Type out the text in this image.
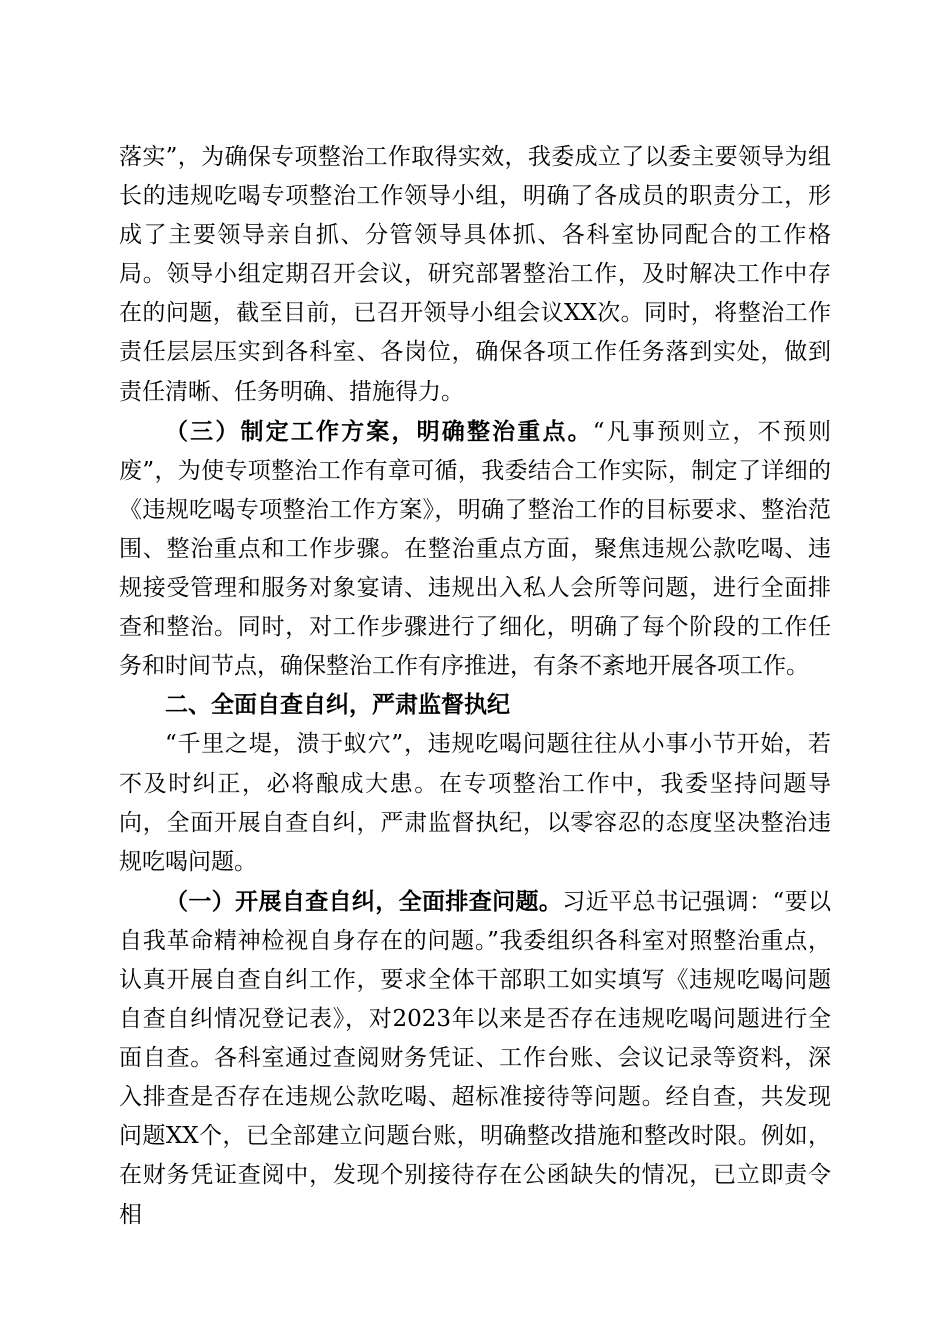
落实”，为确保专项整治工作取得实效，我委成立了以委主要领导为组长的违规吃喝专项整治工作领导小组，明确了各成员的职责分工，形成了主要领导亲自抓、分管领导具体抓、各科室协同配合的工作格局。领导小组定期召开会议，研究部署整治工作，及时解决工作中存在的问题，截至目前，已召开领导小组会议XX次。同时，将整治工作责任层层压实到各科室、各岗位，确保各项工作任务落到实处，做到责任清晰、任务明确、措施得力。

（三）制定工作方案，明确整治重点。“凡事预则立，不预则废”，为使专项整治工作有章可循，我委结合工作实际，制定了详细的《违规吃喝专项整治工作方案》，明确了整治工作的目标要求、整治范围、整治重点和工作步骤。在整治重点方面，聚焦违规公款吃喝、违规接受管理和服务对象宴请、违规出入私人会所等问题，进行全面排查和整治。同时，对工作步骤进行了细化，明确了每个阶段的工作任务和时间节点，确保整治工作有序推进，有条不紊地开展各项工作。

二、全面自查自纠，严肃监督执纪

“千里之堤，溃于蚁穴”，违规吃喝问题往往从小事小节开始，若不及时纠正，必将酿成大患。在专项整治工作中，我委坚持问题导向，全面开展自查自纠，严肃监督执纪，以零容忍的态度坚决整治违规吃喝问题。

（一）开展自查自纠，全面排查问题。习近平总书记强调：“要以自我革命精神检视自身存在的问题。”我委组织各科室对照整治重点，认真开展自查自纠工作，要求全体干部职工如实填写《违规吃喝问题自查自纠情况登记表》，对2023年以来是否存在违规吃喝问题进行全面自查。各科室通过查阅财务凭证、工作台账、会议记录等资料，深入排查是否存在违规公款吃喝、超标准接待等问题。经自查，共发现问题XX个，已全部建立问题台账，明确整改措施和整改时限。例如，在财务凭证查阅中，发现个别接待存在公函缺失的情况，已立即责令相
